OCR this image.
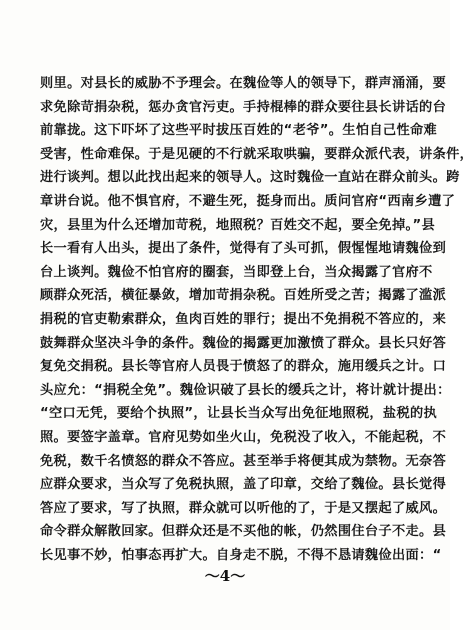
则里。对县长的威胁不予理会。在魏俭等人的领导下，群声涌涌，要
求免除苛捐杂税，惩办贪官污吏。手持棍棒的群众要往县长讲话的台
前靠拢。这下吓坏了这些平时拔压百姓的“老爷”。生怕自己性命难
受害，性命难保。于是见硬的不行就采取哄骗，要群众派代表，讲条件，
进行谈判。想以此找出起来的领导人。这时魏俭一直站在群众前头。跨
章讲台说。他不惧官府，不避生死，挺身而出。质问官府“西南乡遭了
灾，县里为什么还增加苛税，地照税？百姓交不起，要全免掉。”县
长一看有人出头，提出了条件，觉得有了头可抓，假惺惺地请魏俭到
台上谈判。魏俭不怕官府的圈套，当即登上台，当众揭露了官府不
顾群众死活，横征暴敛，增加苛捐杂税。百姓所受之苦；揭露了滥派
捐税的官吏勒索群众，鱼肉百姓的罪行；提出不免捐税不答应的，来
鼓舞群众坚决斗争的条件。魏俭的揭露更加激愤了群众。县长只好答
复免交捐税。县长等官府人员畏于愤怒了的群众，施用缓兵之计。口
头应允：“捐税全免”。魏俭识破了县长的缓兵之计，将计就计提出：
“空口无凭，要给个执照”，让县长当众写出免征地照税，盐税的执
照。要签字盖章。官府见势如坐火山，免税没了收入，不能起税，不
免税，数千名愤怒的群众不答应。甚至举手将便其成为禁物。无奈答
应群众要求，当众写了免税执照，盖了印章，交给了魏俭。县长觉得
答应了要求，写了执照，群众就可以听他的了，于是又摆起了威风。
命令群众解散回家。但群众还是不买他的帐，仍然围住台子不走。县
长见事不妙，怕事态再扩大。自身走不脱，不得不恳请魏俭出面：“
～4～
